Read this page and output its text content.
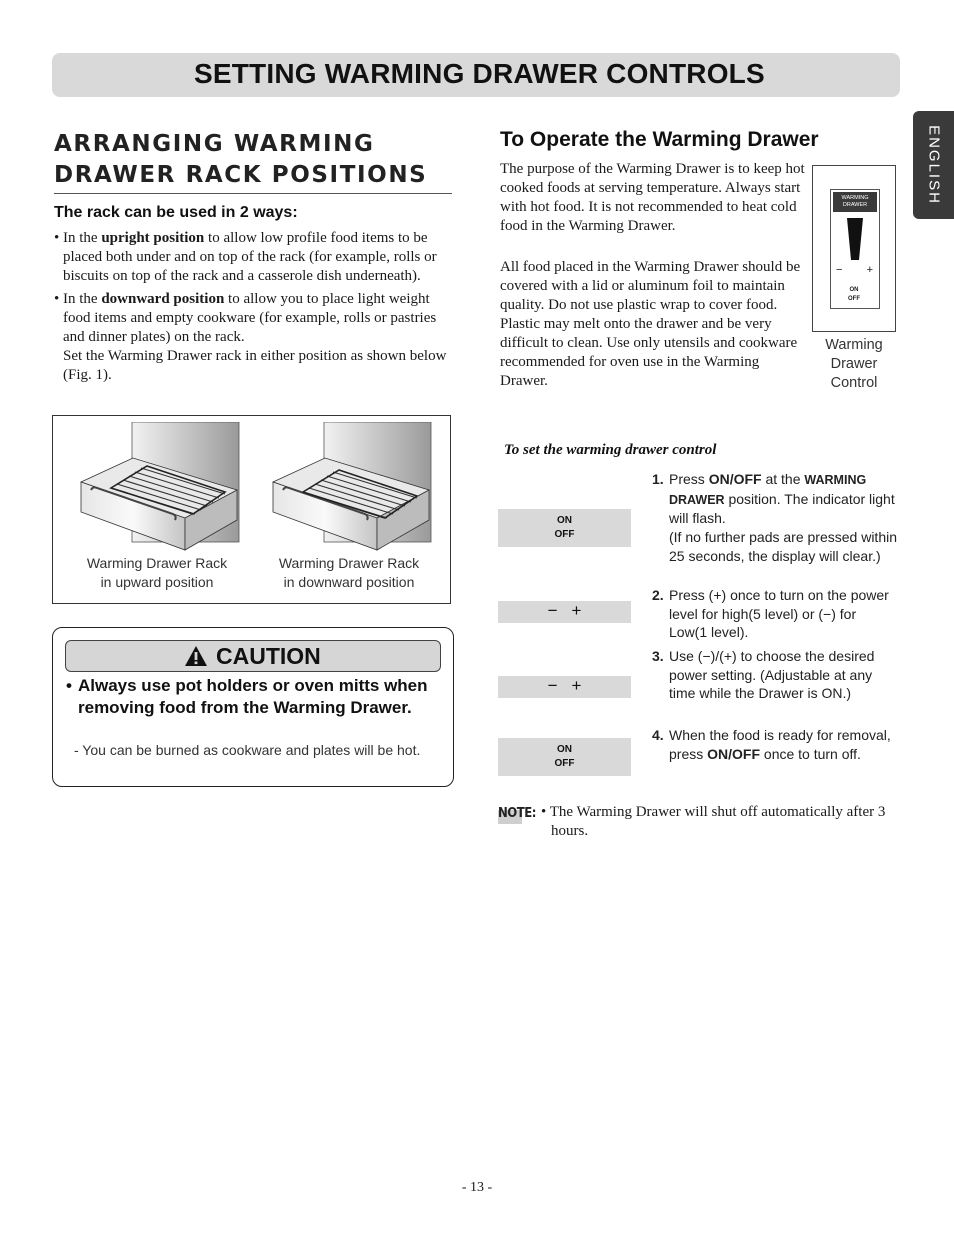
SETTING WARMING DRAWER CONTROLS
ENGLISH
ARRANGING WARMING
DRAWER RACK POSITIONS
The rack can be used in 2 ways:
• In the upright position to allow low profile food items to be placed both under and on top of the rack (for example, rolls or biscuits on top of the rack and a casserole dish underneath).
• In the downward position to allow you to place light weight food items and empty cookware (for example, rolls or pastries and dinner plates) on the rack.
Set the Warming Drawer rack in either position as shown below (Fig. 1).
Warming Drawer Rack
in upward position
Warming Drawer Rack
in downward position
CAUTION
• Always use pot holders or oven mitts when removing food from the Warming Drawer.
- You can be burned as cookware and plates will be hot.
To Operate the Warming Drawer
The purpose of the Warming Drawer is to keep hot cooked foods at serving temperature. Always start with hot food. It is not recommended to heat cold food in the Warming Drawer.
All food placed in the Warming Drawer should be covered with a lid or aluminum foil to maintain quality. Do not use plastic wrap to cover food. Plastic may melt onto the drawer and be very difficult to clean. Use only utensils and cookware recommended for oven use in the Warming Drawer.
WARMING
DRAWER
− +
ON
OFF
Warming
Drawer
Control
To set the warming drawer control
ON
OFF
−+
−+
ON
OFF
1. Press ON/OFF at the WARMING DRAWER position. The indicator light will flash.
(If no further pads are pressed within 25 seconds, the display will clear.)
2. Press (+) once to turn on the power level for high(5 level) or (−) for Low(1 level).
3. Use (−)/(+) to choose the desired power setting. (Adjustable at any time while the Drawer is ON.)
4. When the food is ready for removal, press ON/OFF once to turn off.
NOTE: • The Warming Drawer will shut off automatically after 3 hours.
- 13 -
